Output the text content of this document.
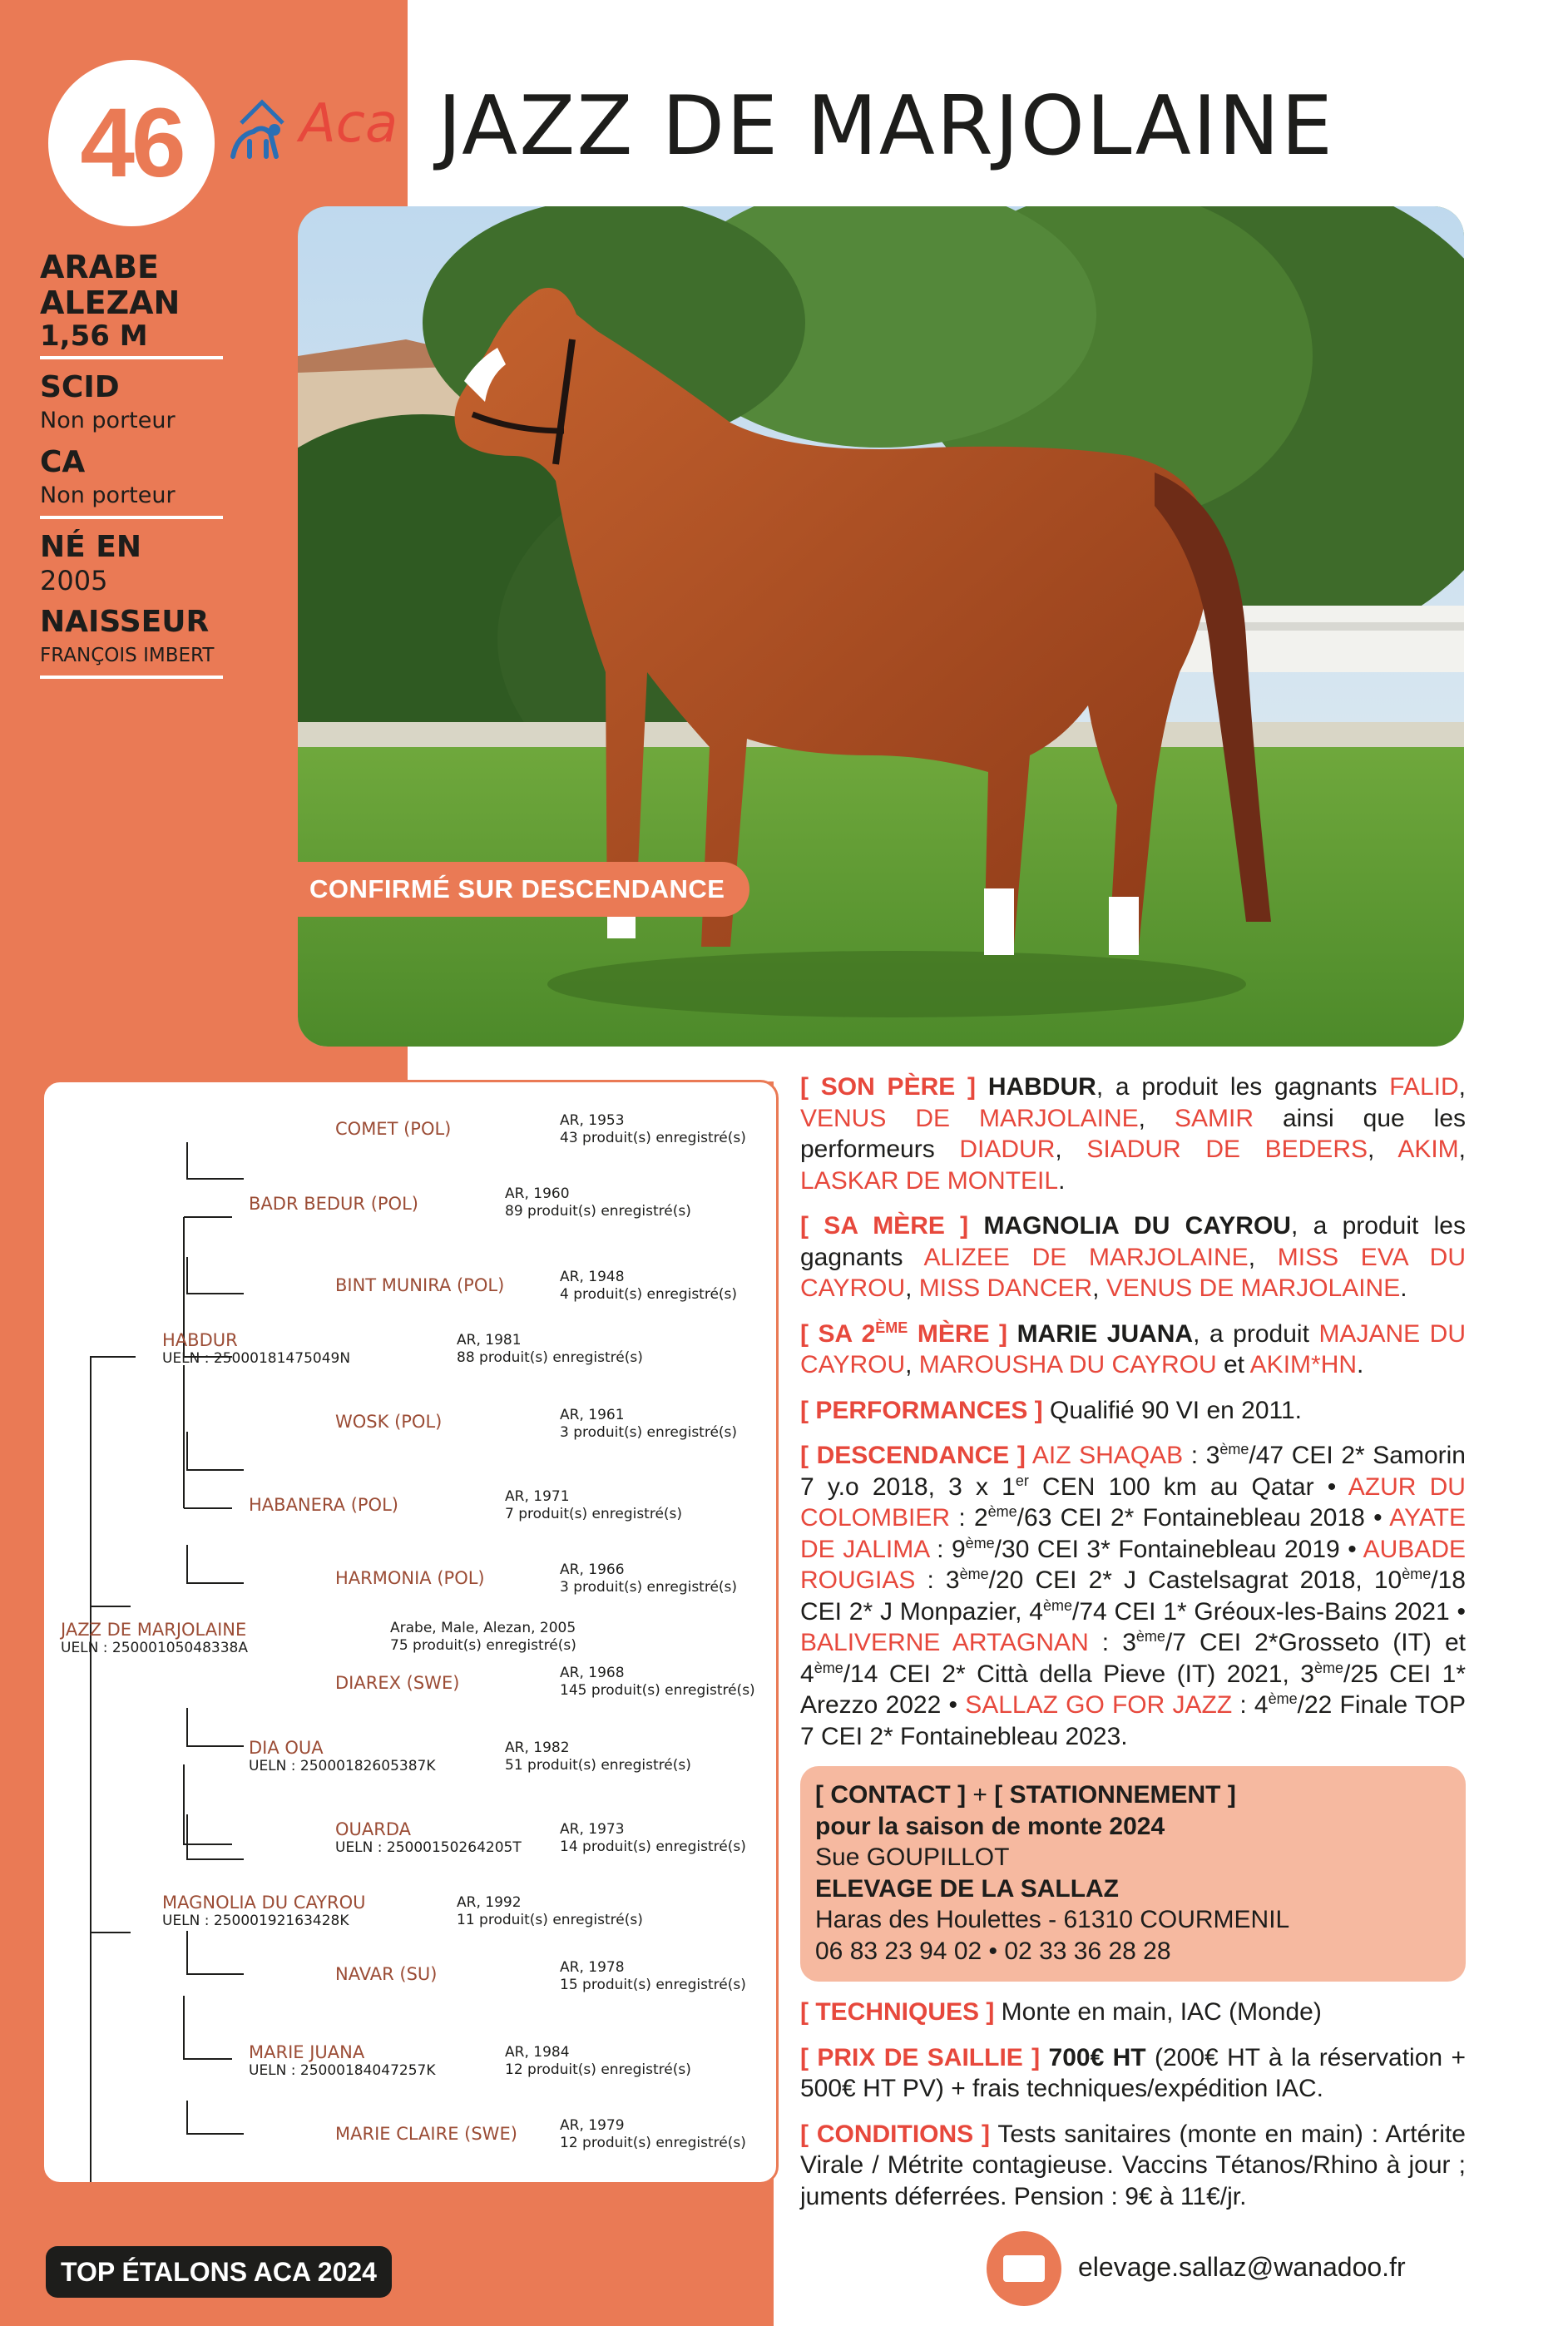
46 Aca JAZZ DE MARJOLAINE
ARABE
ALEZAN
1,56 M
SCID
Non porteur
CA
Non porteur
NÉ EN
2005
NAISSEUR
FRANÇOIS IMBERT
CONFIRMÉ SUR DESCENDANCE
COMET (POL)	AR, 1953
43 produit(s) enregistré(s)
BADR BEDUR (POL)	AR, 1960
89 produit(s) enregistré(s)
BINT MUNIRA (POL)	AR, 1948
4 produit(s) enregistré(s)
HABDUR
UELN : 25000181475049N
AR, 1981
88 produit(s) enregistré(s)
WOSK (POL)	AR, 1961
3 produit(s) enregistré(s)
HABANERA (POL)	AR, 1971
7 produit(s) enregistré(s)
HARMONIA (POL)	AR, 1966
3 produit(s) enregistré(s)
JAZZ DE MARJOLAINE
UELN : 25000105048338A
Arabe, Male, Alezan, 2005
75 produit(s) enregistré(s)
DIAREX (SWE)	AR, 1968
145 produit(s) enregistré(s)
DIA OUA
UELN : 25000182605387K
AR, 1982
51 produit(s) enregistré(s)
OUARDA
UELN : 25000150264205T
AR, 1973
14 produit(s) enregistré(s)
MAGNOLIA DU CAYROU
UELN : 25000192163428K
AR, 1992
11 produit(s) enregistré(s)
NAVAR (SU)	AR, 1978
15 produit(s) enregistré(s)
MARIE JUANA
UELN : 25000184047257K
AR, 1984
12 produit(s) enregistré(s)
MARIE CLAIRE (SWE)	AR, 1979
12 produit(s) enregistré(s)

[ SON PÈRE ] HABDUR, a produit les gagnants FALID, VENUS DE MARJOLAINE, SAMIR ainsi que les performeurs DIADUR, SIADUR DE BEDERS, AKIM, LASKAR DE MONTEIL.

[ SA MÈRE ] MAGNOLIA DU CAYROU, a produit les gagnants ALIZEE DE MARJOLAINE, MISS EVA DU CAYROU, MISS DANCER, VENUS DE MARJOLAINE.

[ SA 2ÈME MÈRE ] MARIE JUANA, a produit MAJANE DU CAYROU, MAROUSHA DU CAYROU et AKIM*HN.

[ PERFORMANCES ] Qualifié 90 VI en 2011.

[ DESCENDANCE ] AIZ SHAQAB : 3ème/47 CEI 2* Samorin 7 y.o 2018, 3 x 1er CEN 100 km au Qatar • AZUR DU COLOMBIER : 2ème/63 CEI 2* Fontainebleau 2018 • AYATE DE JALIMA : 9ème/30 CEI 3* Fontainebleau 2019 • AUBADE ROUGIAS : 3ème/20 CEI 2* J Castelsagrat 2018, 10ème/18 CEI 2* J Monpazier, 4ème/74 CEI 1* Gréoux-les-Bains 2021 • BALIVERNE ARTAGNAN : 3ème/7 CEI 2*Grosseto (IT) et 4ème/14 CEI 2* Città della Pieve (IT) 2021, 3ème/25 CEI 1* Arezzo 2022 • SALLAZ GO FOR JAZZ : 4ème/22 Finale TOP 7 CEI 2* Fontainebleau 2023.

[ CONTACT ] + [ STATIONNEMENT ]
pour la saison de monte 2024
Sue GOUPILLOT
ELEVAGE DE LA SALLAZ
Haras des Houlettes - 61310 COURMENIL
06 83 23 94 02 • 02 33 36 28 28

[ TECHNIQUES ] Monte en main, IAC (Monde)

[ PRIX DE SAILLIE ] 700€ HT (200€ HT à la réservation + 500€ HT PV) + frais techniques/expédition IAC.

[ CONDITIONS ] Tests sanitaires (monte en main) : Artérite Virale / Métrite contagieuse. Vaccins Tétanos/Rhino à jour ; juments déferrées. Pension : 9€ à 11€/jr.

TOP ÉTALONS ACA 2024	elevage.sallaz@wanadoo.fr
